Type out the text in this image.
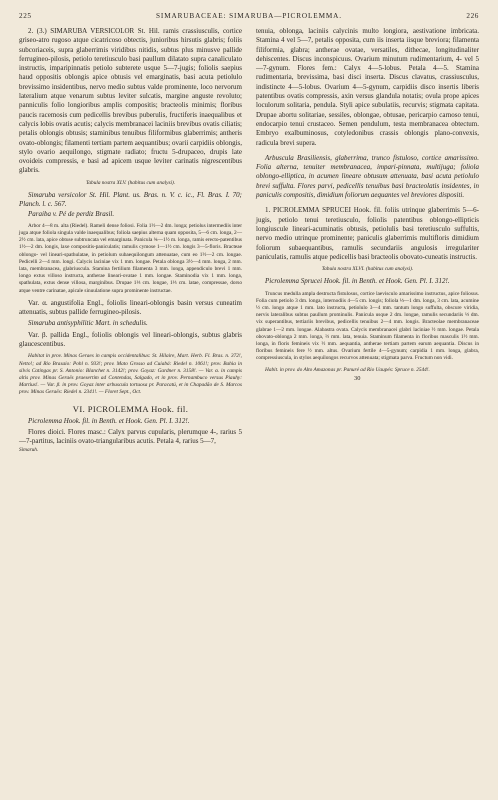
225	SIMARUBACEAE: SIMARUBA—PICROLEMMA.	226

2. (3.) SIMARUBA VERSICOLOR St. Hil. ramis crassiusculis, cortice griseo-atro rugoso atque cicatricoso obtectis, junioribus hirsutis glabris; foliis subcoriaceis, supra glaberrimis viridibus nitidis, subtus plus minusve pallide ferrugineo-pilosis, petiolo teretiusculo basi paullum dilatato supra canaliculato instructis, imparipinnatis petiolo subterete usque 5—7-jugis; foliolis saepius haud oppositis oblongis apice obtusis vel emarginatis, basi acuta petiolulo brevissimo insidentibus, nervo medio subtus valde prominente, loco nervorum lateralium atque venarum subtus leviter sulcatis, margine anguste revoluto; panniculis folio longioribus amplis compositis; bracteolis minimis; floribus paucis racemosis cum pedicellis brevibus puberulis, fructiferis inaequalibus et calycis lobis ovatis acutis; calycis membranacei laciniis brevibus ovatis ciliatis; petalis oblongis obtusis; staminibus tenuibus filiformibus glaberrimis; antheris ovato-oblongis; filamenti tertiam partem aequantibus; ovarii carpidiis oblongis, stylo ovario aequilongo, stigmate radiato; fructu 5-drupaceo, drupis late ovoideis compressis, e basi ad apicem usque leviter carinatis nigrescentibus glabris.

Tabula nostra XLV. (habitus cum analysi).

Simaruba versicolor St. Hil. Plant. us. Bras. n. V. c. ic., Fl. Bras. I. 70; Planch. l. c. 567.

Paraiba v. Pé de perdiz Brasil.

Arbor 4—8 m. alta (Riedel). Rameli dense foliosi. Folia 1½—2 dm. longa; petiolus intermediis inter juga atque foliola singula valde inaequalibus; foliola saepius alterna quam opposita, 5—6 cm. longa, 2—2½ cm. lata, apice obtuse subtruncata vel emarginata. Panicula ¾—1½ m. longa, ramis erecto-patentibus 1½—2 dm. longis, laxe compositis-paniculatis; ramulis cymose 1—1½ cm. longis 3—5-floris. Bracteae oblongo- vel lineari-spathulatae, in petiolum subaequilongum attenuatae, cum eo 1½—2 cm. longae. Pedicelli 2—4 mm. longi. Calycis laciniae vix 1 mm. longae. Petala oblonga 3½—4 mm. longa, 2 mm. lata, membranacea, glabriuscula. Stamina fertilium filamenta 3 mm. longa, appendiculo brevi 1 mm. longo extus villoso instructa, antherae lineari-ovatae 1 mm. longae. Staminodia vix 1 mm. longa, spathulata, extus dense villosa, marginibus. Drupae 1⅓ cm. longae, 1⅓ cm. latae, compressae, dorso atque ventre carinatae, apicale sinuulatione supra prominente instructae.

Var. α. angustifolia Engl., foliolis lineari-oblongis basin versus cuneatim attenuatis, subtus pallide ferrugineo-pilosis.

Simaruba antisyphilitic Mart. in schedulis.

Var. β. pallida Engl., foliolis oblongis vel lineari-oblongis, subtus glabris glaucescentibus.

Habitat in prov. Minas Geraes in campis occidentalibus: St. Hilaire, Mart. Herb. Fl. Bras. n. 372!, Netto!; ad Rio Brasaio: Pohl n. 933!; prov. Mato Grosso ad Cuiabá: Riedel n. 1061!; prov. Bahia in silvis Catingas pr. S. Antonio: Blanchet n. 3142!; prov. Goyaz: Gardner n. 3158!. — Var. α. in campis altis prov. Minas Geraës praesertim ad Contendas, Salgado, et in prov. Pernambuco versus Piauhy: Martius!. — Var. β. in prov. Goyaz inter arbuscula tortuosa pr. Paracatú, et in Chapadão de S. Marcos prov. Minas Geraës: Riedel n. 2341!. — Floret Sept., Oct.

VI. PICROLEMMA Hook. fil.

Picrolemma Hook. fil. in Benth. et Hook. Gen. Pl. I. 312!.

Flores dioici. Flores masc.: Calyx parvus cupularis, plerumque 4-, rarius 5—7-partitus, laciniis ovato-triangularibus acutis. Petala 4, rarius 5—7,

Simaruh.

tenuia, oblonga, laciniis calycinis multo longiora, aestivatione imbricata. Stamina 4 vel 5—7, petalis opposita, cum iis inserta iisque breviora; filamenta filiformia, glabra; antherae ovatae, versatiles, dithecae, longitudinaliter dehiscentes. Discus inconspicuus. Ovarium minutum rudimentarium, 4- vel 5—7-gynum. Flores fem.: Calyx 4—5-lobus. Petala 4—5. Stamina rudimentaria, brevissima, basi disci inserta. Discus clavatus, crassiusculus, indistincte 4—5-lobus. Ovarium 4—5-gynum, carpidiis disco insertis liberis patentibus ovatis compressis, axin versus glandula notatis; ovula prope apices loculorum solitaria, pendula. Styli apice subulatiis, recurvis; stigmata capitata. Drupae abortu solitariae, sessiles, oblongae, obtusae, pericarpio carnoso tenui, endocarpio tenui crustaceo. Semen pendulum, testa membranacea obtectum. Embryo exalbuminosus, cotyledonibus crassis oblongis plano-convexis, radicula brevi supera.

Arbuscula Brasiliensis, glaberrima, trunco fistuloso, cortice amarissimo. Folia alterna, tenuiter membranacea, impari-pinnata, multijuga; foliola oblongo-elliptica, in acumen lineare obtusum attenuata, basi acuta petiolulo brevi suffulta. Flores parvi, pedicellis tenuibus basi bracteolatis insidentes, in paniculis compositis, dimidium foliorum aequantes vel breviores dispositi.

1. PICROLEMMA SPRUCEI Hook. fil. foliis utrinque glaberrimis 5—6-jugis, petiolo tenui teretiusculo, foliolis patentibus oblongo-ellipticis longiuscule lineari-acuminatis obtusis, petiolulis basi teretiusculo suffultis, nervo medio utrinque prominente; paniculis glaberrimis multifloris dimidium foliorum subaequantibus, ramulis secundariis angulosis irregulariter paniculatis, ramulis atque pedicellis basi bracteolis obovato-cuneatis instructis.

Tabula nostra XLVI. (habitus cum analysi).

Picrolemma Sprucei Hook. fil. in Benth. et Hook. Gen. Pl. I. 312!.

Truncus medulla ampla destructa fistulosus, cortice laevisculo amarissimo instructus, apice foliosus. Folia cum petiolo 3 dm. longa, internodiis 4—5 cm. longis; foliola ⅓—1 dm. longa, 3 cm. lata, acumine ½ cm. longo atque 1 mm. lato instructa, petiolulo 3—4 mm. tantum longo suffulta, obscure viridia, nervis lateralibus subtus paullum prominulis. Panicula usque 2 dm. longae, ramulis secundariis ⅓ dm. vix superantibus, tertiariis brevibus, pedicellis tenuibus 2—4 mm. longis. Bracteolae membranaceae glabrae 1—2 mm. longae. Alabastra ovata. Calycis membranacei glabri laciniae ½ mm. longae. Petala obovato-oblonga 2 mm. longa, ⅔ mm. lata, tenuia. Staminum filamenta in floribus masculis 1½ mm. longa, in floris femineis vix ½ mm. aequantia, antherae tertiam partem earum aequantia. Discus in floribus femineis fere ½ mm. altus. Ovarium fertile 4—5-gynum; carpidia 1 mm. longa, glabra, compressiuscula, in stylos aequilongos recurvos attenuata; stigmata parva. Fructum non vidi.

Habit. in prov. do Alto Amazonas pr. Panuré ad Rio Uaupés: Spruce n. 2544!.

30
